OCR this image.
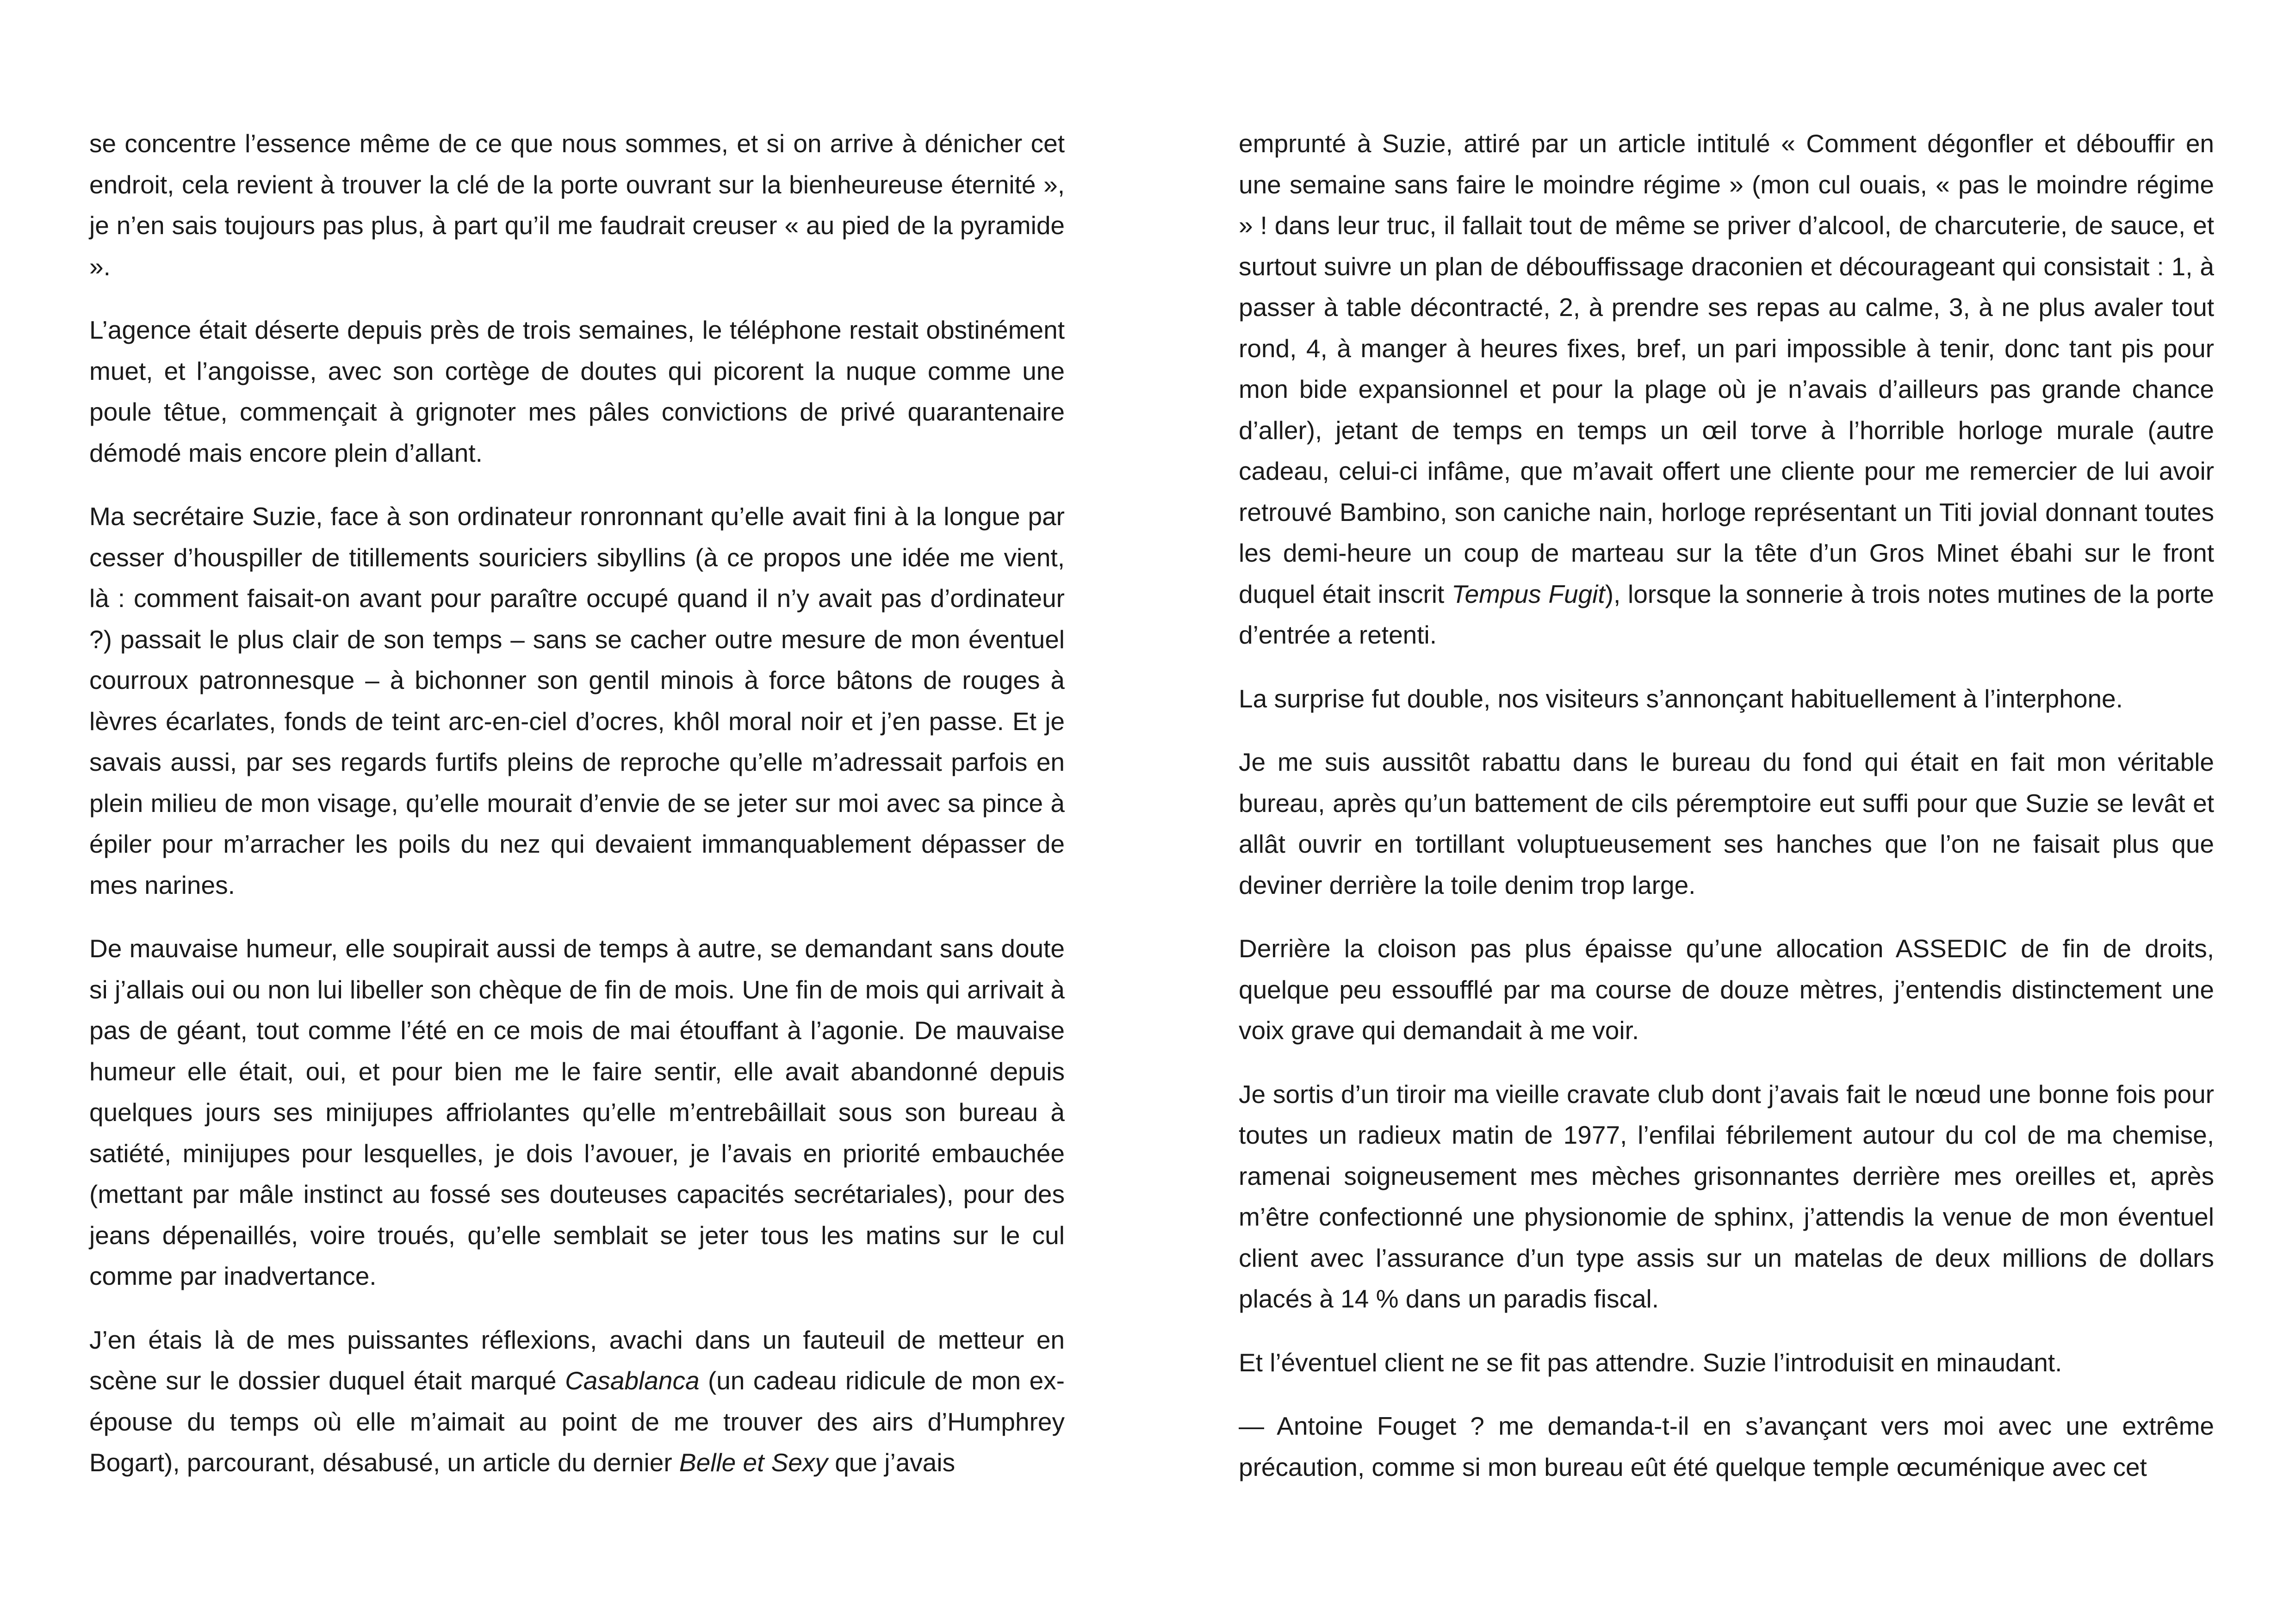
se concentre l’essence même de ce que nous sommes, et si on arrive à dénicher cet endroit, cela revient à trouver la clé de la porte ouvrant sur la bienheureuse éternité », je n’en sais toujours pas plus, à part qu’il me faudrait creuser « au pied de la pyramide ».

L’agence était déserte depuis près de trois semaines, le téléphone restait obstinément muet, et l’angoisse, avec son cortège de doutes qui picorent la nuque comme une poule têtue, commençait à grignoter mes pâles convictions de privé quarantenaire démodé mais encore plein d’allant.

Ma secrétaire Suzie, face à son ordinateur ronronnant qu’elle avait fini à la longue par cesser d’houspiller de titillements souriciers sibyllins (à ce propos une idée me vient, là : comment faisait-on avant pour paraître occupé quand il n’y avait pas d’ordinateur ?) passait le plus clair de son temps – sans se cacher outre mesure de mon éventuel courroux patronnesque – à bichonner son gentil minois à force bâtons de rouges à lèvres écarlates, fonds de teint arc-en-ciel d’ocres, khôl moral noir et j’en passe. Et je savais aussi, par ses regards furtifs pleins de reproche qu’elle m’adressait parfois en plein milieu de mon visage, qu’elle mourait d’envie de se jeter sur moi avec sa pince à épiler pour m’arracher les poils du nez qui devaient immanquablement dépasser de mes narines.

De mauvaise humeur, elle soupirait aussi de temps à autre, se demandant sans doute si j’allais oui ou non lui libeller son chèque de fin de mois. Une fin de mois qui arrivait à pas de géant, tout comme l’été en ce mois de mai étouffant à l’agonie. De mauvaise humeur elle était, oui, et pour bien me le faire sentir, elle avait abandonné depuis quelques jours ses minijupes affriolantes qu’elle m’entrebâillait sous son bureau à satiété, minijupes pour lesquelles, je dois l’avouer, je l’avais en priorité embauchée (mettant par mâle instinct au fossé ses douteuses capacités secrétariales), pour des jeans dépenaillés, voire troués, qu’elle semblait se jeter tous les matins sur le cul comme par inadvertance.

J’en étais là de mes puissantes réflexions, avachi dans un fauteuil de metteur en scène sur le dossier duquel était marqué Casablanca (un cadeau ridicule de mon ex-épouse du temps où elle m’aimait au point de me trouver des airs d’Humphrey Bogart), parcourant, désabusé, un article du dernier Belle et Sexy que j’avais

emprunté à Suzie, attiré par un article intitulé « Comment dégonfler et débouffir en une semaine sans faire le moindre régime » (mon cul ouais, « pas le moindre régime » ! dans leur truc, il fallait tout de même se priver d’alcool, de charcuterie, de sauce, et surtout suivre un plan de débouffissage draconien et décourageant qui consistait : 1, à passer à table décontracté, 2, à prendre ses repas au calme, 3, à ne plus avaler tout rond, 4, à manger à heures fixes, bref, un pari impossible à tenir, donc tant pis pour mon bide expansionnel et pour la plage où je n’avais d’ailleurs pas grande chance d’aller), jetant de temps en temps un œil torve à l’horrible horloge murale (autre cadeau, celui-ci infâme, que m’avait offert une cliente pour me remercier de lui avoir retrouvé Bambino, son caniche nain, horloge représentant un Titi jovial donnant toutes les demi-heure un coup de marteau sur la tête d’un Gros Minet ébahi sur le front duquel était inscrit Tempus Fugit), lorsque la sonnerie à trois notes mutines de la porte d’entrée a retenti.

La surprise fut double, nos visiteurs s’annonçant habituellement à l’interphone.

Je me suis aussitôt rabattu dans le bureau du fond qui était en fait mon véritable bureau, après qu’un battement de cils péremptoire eut suffi pour que Suzie se levât et allât ouvrir en tortillant voluptueusement ses hanches que l’on ne faisait plus que deviner derrière la toile denim trop large.

Derrière la cloison pas plus épaisse qu’une allocation ASSEDIC de fin de droits, quelque peu essoufflé par ma course de douze mètres, j’entendis distinctement une voix grave qui demandait à me voir.

Je sortis d’un tiroir ma vieille cravate club dont j’avais fait le nœud une bonne fois pour toutes un radieux matin de 1977, l’enfilai fébrilement autour du col de ma chemise, ramenai soigneusement mes mèches grisonnantes derrière mes oreilles et, après m’être confectionné une physionomie de sphinx, j’attendis la venue de mon éventuel client avec l’assurance d’un type assis sur un matelas de deux millions de dollars placés à 14 % dans un paradis fiscal.

Et l’éventuel client ne se fit pas attendre. Suzie l’introduisit en minaudant.

— Antoine Fouget ? me demanda-t-il en s’avançant vers moi avec une extrême précaution, comme si mon bureau eût été quelque temple œcuménique avec cet
